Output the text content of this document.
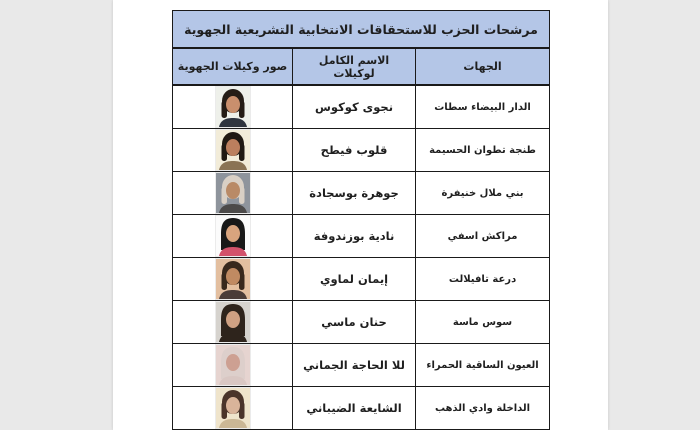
مرشحات الحزب للاستحقاقات الانتخابية التشريعية الجهوية		
الجهات	الاسم الكامل لوكيلات	صور وكيلات الجهوية
الدار البيضاء سطات	نجوى كوكوس	

طنجة تطوان الحسيمة	قلوب فيطح	

بني ملال خنيفرة	جوهرة بوسجادة	

مراكش اسفي	نادية بوزندوفة	

درعة تافيلالت	إيمان لماوي	

سوس ماسة	حنان ماسي	

العيون الساقية الحمراء	للا الحاجة الجماني	

الداخلة وادي الذهب	الشايعة الضيباني	
